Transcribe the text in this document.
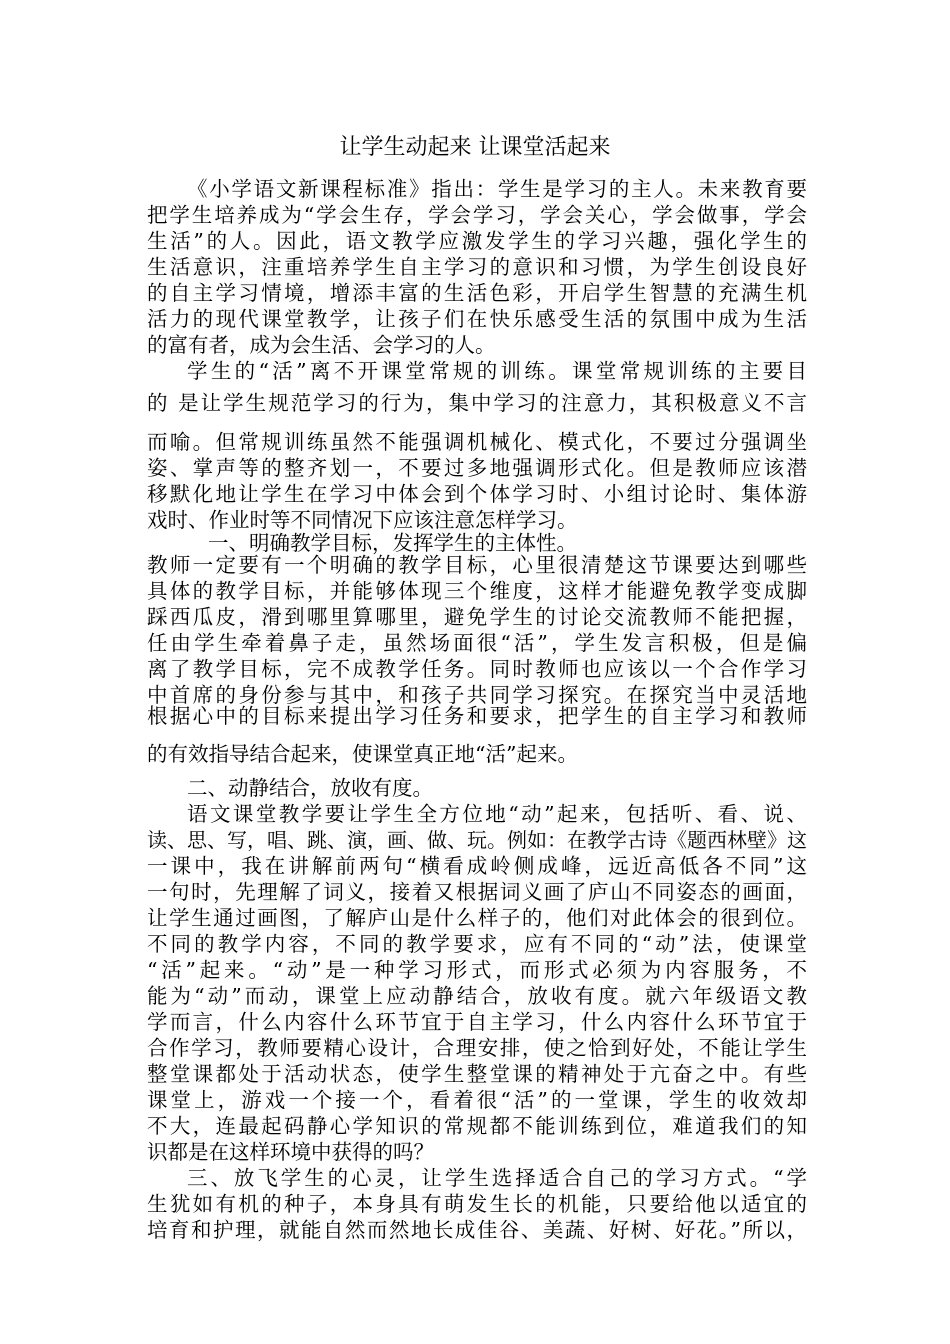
让学生动起来 让课堂活起来

《小学语文新课程标准》指出：学生是学习的主人。未来教育要

把学生培养成为“学会生存，学会学习，学会关心，学会做事，学会

生活”的人。因此，语文教学应激发学生的学习兴趣，强化学生的

生活意识，注重培养学生自主学习的意识和习惯，为学生创设良好

的自主学习情境，增添丰富的生活色彩，开启学生智慧的充满生机

活力的现代课堂教学，让孩子们在快乐感受生活的氛围中成为生活

的富有者，成为会生活、会学习的人。

学生的“活”离不开课堂常规的训练。课堂常规训练的主要目

的 是让学生规范学习的行为，集中学习的注意力，其积极意义不言

而喻。但常规训练虽然不能强调机械化、模式化，不要过分强调坐

姿、掌声等的整齐划一，不要过多地强调形式化。但是教师应该潜

移默化地让学生在学习中体会到个体学习时、小组讨论时、集体游

戏时、作业时等不同情况下应该注意怎样学习。

一、明确教学目标，发挥学生的主体性。

教师一定要有一个明确的教学目标，心里很清楚这节课要达到哪些

具体的教学目标，并能够体现三个维度，这样才能避免教学变成脚

踩西瓜皮，滑到哪里算哪里，避免学生的讨论交流教师不能把握，

任由学生牵着鼻子走，虽然场面很“活”，学生发言积极，但是偏

离了教学目标，完不成教学任务。同时教师也应该以一个合作学习

中首席的身份参与其中，和孩子共同学习探究。在探究当中灵活地

根据心中的目标来提出学习任务和要求，把学生的自主学习和教师

的有效指导结合起来，使课堂真正地“活”起来。

二、动静结合，放收有度。

语文课堂教学要让学生全方位地“动”起来，包括听、看、说、

读、思、写，唱、跳、演，画、做、玩。例如：在教学古诗《题西林壁》这

一课中，我在讲解前两句“横看成岭侧成峰，远近高低各不同”这

一句时，先理解了词义，接着又根据词义画了庐山不同姿态的画面，

让学生通过画图，了解庐山是什么样子的，他们对此体会的很到位。

不同的教学内容，不同的教学要求，应有不同的“动”法，使课堂

“活”起来。“动”是一种学习形式，而形式必须为内容服务，不

能为“动”而动，课堂上应动静结合，放收有度。就六年级语文教

学而言，什么内容什么环节宜于自主学习，什么内容什么环节宜于

合作学习，教师要精心设计，合理安排，使之恰到好处，不能让学生

整堂课都处于活动状态，使学生整堂课的精神处于亢奋之中。有些

课堂上，游戏一个接一个，看着很“活”的一堂课，学生的收效却

不大，连最起码静心学知识的常规都不能训练到位，难道我们的知

识都是在这样环境中获得的吗？

三、放飞学生的心灵，让学生选择适合自己的学习方式。“学

生犹如有机的种子，本身具有萌发生长的机能，只要给他以适宜的

培育和护理，就能自然而然地长成佳谷、美蔬、好树、好花。”所以，
